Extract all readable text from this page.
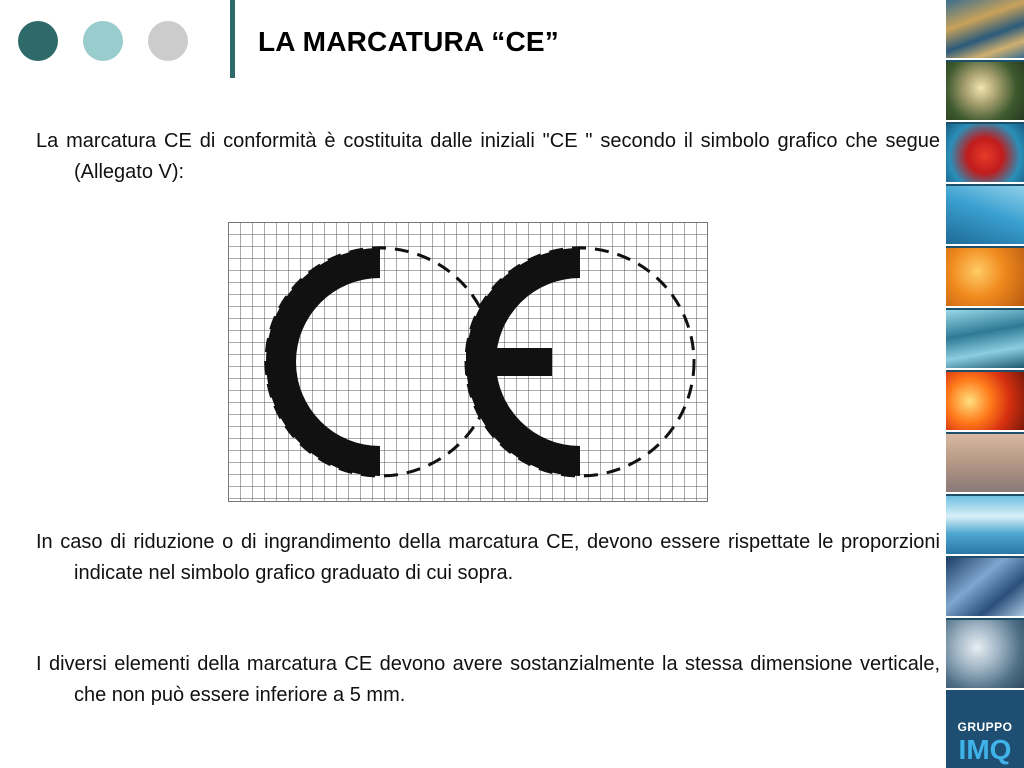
LA MARCATURA “CE”

La marcatura CE di conformità è costituita dalle iniziali "CE " secondo il simbolo grafico che segue (Allegato V):

In caso di riduzione o di ingrandimento della marcatura CE, devono essere rispettate le proporzioni indicate nel simbolo grafico graduato di cui sopra.

I diversi elementi della marcatura CE devono avere sostanzialmente la stessa dimensione verticale, che non può essere inferiore a 5 mm.

GRUPPO
IMQ
